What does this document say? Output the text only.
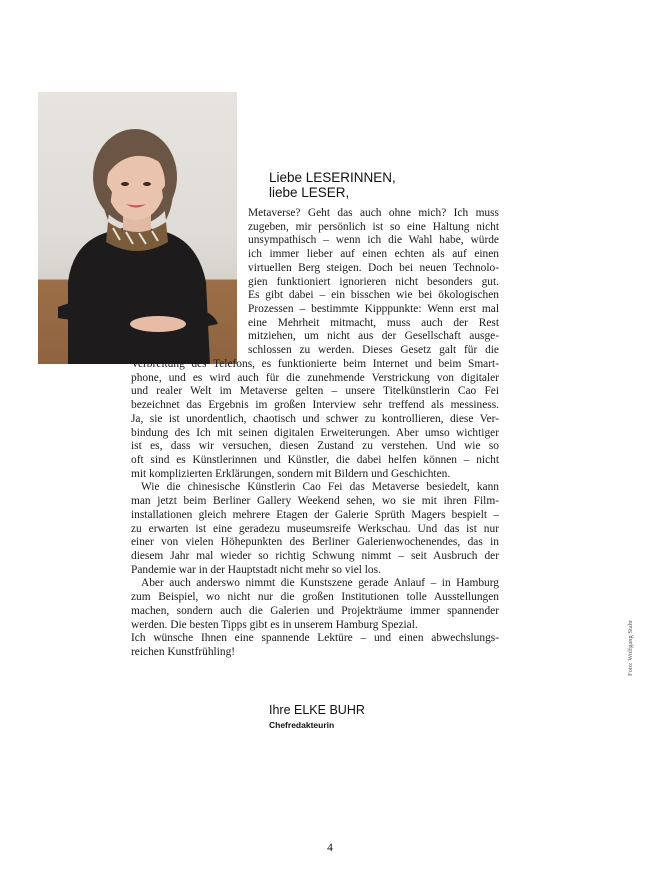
Liebe LESERINNEN,
liebe LESER,
Metaverse? Geht das auch ohne mich? Ich muss
zugeben, mir persönlich ist so eine Haltung nicht
unsympathisch – wenn ich die Wahl habe, würde
ich immer lieber auf einen echten als auf einen
virtuellen Berg steigen. Doch bei neuen Technolo-
gien funktioniert ignorieren nicht besonders gut.
Es gibt dabei – ein bisschen wie bei ökologischen
Prozessen – bestimmte Kipppunkte: Wenn erst mal
eine Mehrheit mitmacht, muss auch der Rest
mitziehen, um nicht aus der Gesellschaft ausge-
schlossen zu werden. Dieses Gesetz galt für die
Verbreitung des Telefons, es funktionierte beim Internet und beim Smart-
phone, und es wird auch für die zunehmende Verstrickung von digitaler
und realer Welt im Metaverse gelten – unsere Titelkünstlerin Cao Fei
bezeichnet das Ergebnis im großen Interview sehr treffend als messiness.
Ja, sie ist unordentlich, chaotisch und schwer zu kontrollieren, diese Ver-
bindung des Ich mit seinen digitalen Erweiterungen. Aber umso wichtiger
ist es, dass wir versuchen, diesen Zustand zu verstehen. Und wie so
oft sind es Künstlerinnen und Künstler, die dabei helfen können – nicht
mit komplizierten Erklärungen, sondern mit Bildern und Geschichten.
Wie die chinesische Künstlerin Cao Fei das Metaverse besiedelt, kann
man jetzt beim Berliner Gallery Weekend sehen, wo sie mit ihren Film-
installationen gleich mehrere Etagen der Galerie Sprüth Magers bespielt –
zu erwarten ist eine geradezu museumsreife Werkschau. Und das ist nur
einer von vielen Höhepunkten des Berliner Galerienwochenendes, das in
diesem Jahr mal wieder so richtig Schwung nimmt – seit Ausbruch der
Pandemie war in der Hauptstadt nicht mehr so viel los.
Aber auch anderswo nimmt die Kunstszene gerade Anlauf – in Hamburg
zum Beispiel, wo nicht nur die großen Institutionen tolle Ausstellungen
machen, sondern auch die Galerien und Projekträume immer spannender
werden. Die besten Tipps gibt es in unserem Hamburg Spezial.
Ich wünsche Ihnen eine spannende Lektüre – und einen abwechslungs-
reichen Kunstfrühling!
Ihre ELKE BUHR
Chefredakteurin
Foto: Wolfgang Stahr
4
